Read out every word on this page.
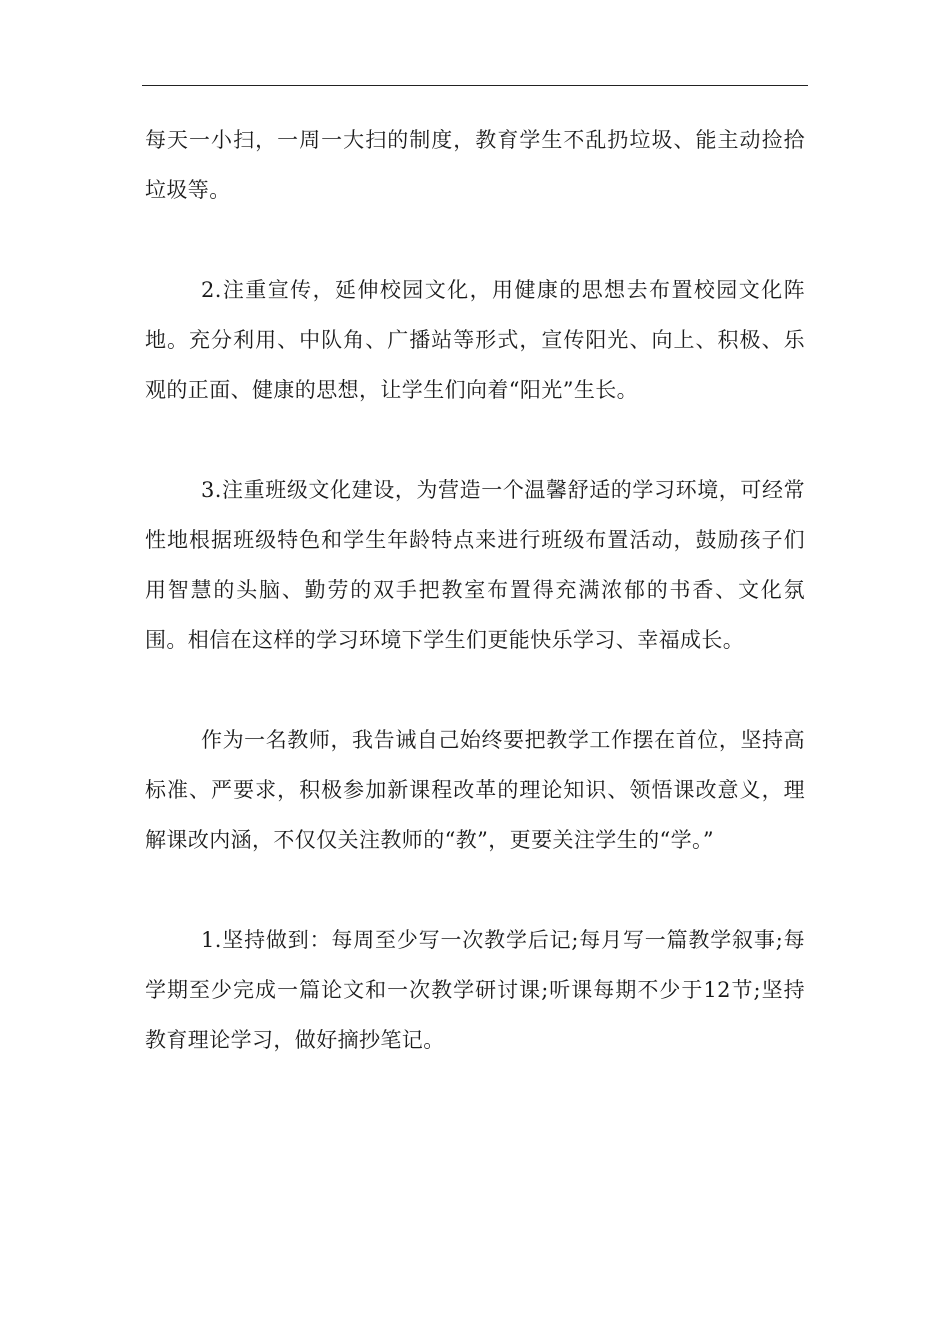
每天一小扫，一周一大扫的制度，教育学生不乱扔垃圾、能主动捡拾垃圾等。

2.注重宣传，延伸校园文化，用健康的思想去布置校园文化阵地。充分利用、中队角、广播站等形式，宣传阳光、向上、积极、乐观的正面、健康的思想，让学生们向着“阳光”生长。

3.注重班级文化建设，为营造一个温馨舒适的学习环境，可经常性地根据班级特色和学生年龄特点来进行班级布置活动，鼓励孩子们用智慧的头脑、勤劳的双手把教室布置得充满浓郁的书香、文化氛围。相信在这样的学习环境下学生们更能快乐学习、幸福成长。

作为一名教师，我告诫自己始终要把教学工作摆在首位，坚持高标准、严要求，积极参加新课程改革的理论知识、领悟课改意义，理解课改内涵，不仅仅关注教师的“教”，更要关注学生的“学。”

1.坚持做到：每周至少写一次教学后记;每月写一篇教学叙事;每学期至少完成一篇论文和一次教学研讨课;听课每期不少于12节;坚持教育理论学习，做好摘抄笔记。
